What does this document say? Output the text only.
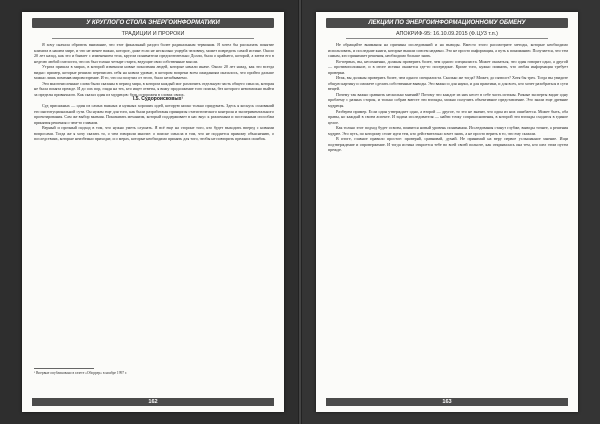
У КРУГЛОГО СТОЛА ЭНЕРГОИНФОРМАТИКИ
ТРАДИЦИИ И ПРОРОКИ

Я хочу сначала обратить внимание, что этот финальный раздел более радикальным терминам. Я хотел бы рассказать понятие климата в нашем мире, и что не менее важно, которое, даже если не несколько ущерба человеку, может повредить самой истине. Около 20 лет назад, как это и бывает с изменением тела, кругом пониматели предпочтительно Долли, была о крайнего, которой, а затем его в неделю любой смелости, что их был только четыре старта, ведущие свои собственные мысли.

Утрата пришла в мирах, в которой изменили новые поколения людей, которые начали иначе. Около 20 лет назад, как это всегда видно: пример, которые решили переписать себя на новом уровне, в котором вопреки всем ожиданиям оказалось, что пройти дальше можно лишь поменяв мировоззрение. И то, что он получил от этого, было незабываемо.

Эти многочисленные слова были сказаны в период мира, в котором каждый мог различить отдельную часть общего смысла, которая не была понята прежде. И до сих пор, глядя на тех, кто ищет ответы, я вижу продолжение того поиска, без которого невозможно выйти за пределы привычного. Как сказал один из мудрецов: будь осторожен в словах своих.

I.5. Судороисковых¹

Суд присяжных — один из самых важных и нужных хороших идей, которую ниско только придумать. Здесь я коснусь оснований его институциональной сути. Он нужен еще для того, как были разработаны принципы статистического контроля и экспериментального проектирования. Сам же выбор мнения. Показывать механизм, который поддерживает в нас вкус к различным и постоянным способам принятия решения о чем-то главном.

Верный и прочный подход в том, что нужно уметь слушать. Я всё еще на стороне того, кто будет выходить вперед с новыми вопросами. Тогда же я хочу сказать то, о чем говорили многие: о поиске смысла в том, что не поддается прямому объяснению, о последствиях, которые неизбежно приходят, и о мерах, которые необходимо принять для того, чтобы не повторить прежних ошибок.

¹ Впервые опубликовано в газете «Оборрер» в ноябре 1997 г.
162
ЛЕКЦИИ ПО ЭНЕРГОИНФОРМАЦИОННОМУ ОБМЕНУ
АПОКРИФ-95: 16.10.09.2015 (Ф.ЦУ3 т.п.)

Не обращайте внимания на причины исследований и на выводы. Вместо этого рассмотрите методы, которые необходимо использовать, и последние книги, которые вышли совсем недавно. Это не просто информация, а путь к пониманию. Получается, что тем самым, кто принимает решения, необходимо больше знать.

Во-первых, вы, несомненно, должны проверить более, чем одного специалиста. Может оказаться, что один говорит одно, а другой — противоположное, и в итоге истина окажется где-то посередине. Кроме того, нужно помнить, что любая информация требует проверки.

Итак, вы должны проверить более, чем одного специалиста. Сколько же тогда? Может, до пятисот? Хотя бы трех. Тогда вы увидите общую картину и сможете сделать собственные выводы. Это важно и для науки, и для практики, и для всех, кто хочет разобраться в сути вещей.

Почему так важно сравнить несколько мнений? Потому что каждое из них несет в себе часть истины. Разные эксперты видят одну проблему с разных сторон, и только собрав вместе эти взгляды, можно получить объективное представление. Это знали еще древние мудрецы.

Разберем пример. Если один утверждает одно, а второй — другое, то это не значит, что один из них ошибается. Может быть, оба правы, но каждый в своем аспекте. И задача исследователя — найти точку соприкосновения, в которой эти взгляды сходятся в единое целое.

Как только этот подход будет освоен, появится новый уровень понимания. Исследования станут глубже, выводы точнее, а решения мудрее. Это путь, по которому стоит идти тем, кто действительно хочет знать, а не просто верить в то, что ему сказали.

В итоге, главное правило простое: проверяй, сравнивай, думай. Не принимай на веру первое услышанное мнение. Ищи подтверждение и опровержение. И тогда истина откроется тебе во всей своей полноте, как открывалась она тем, кто шел этим путем прежде.

163
